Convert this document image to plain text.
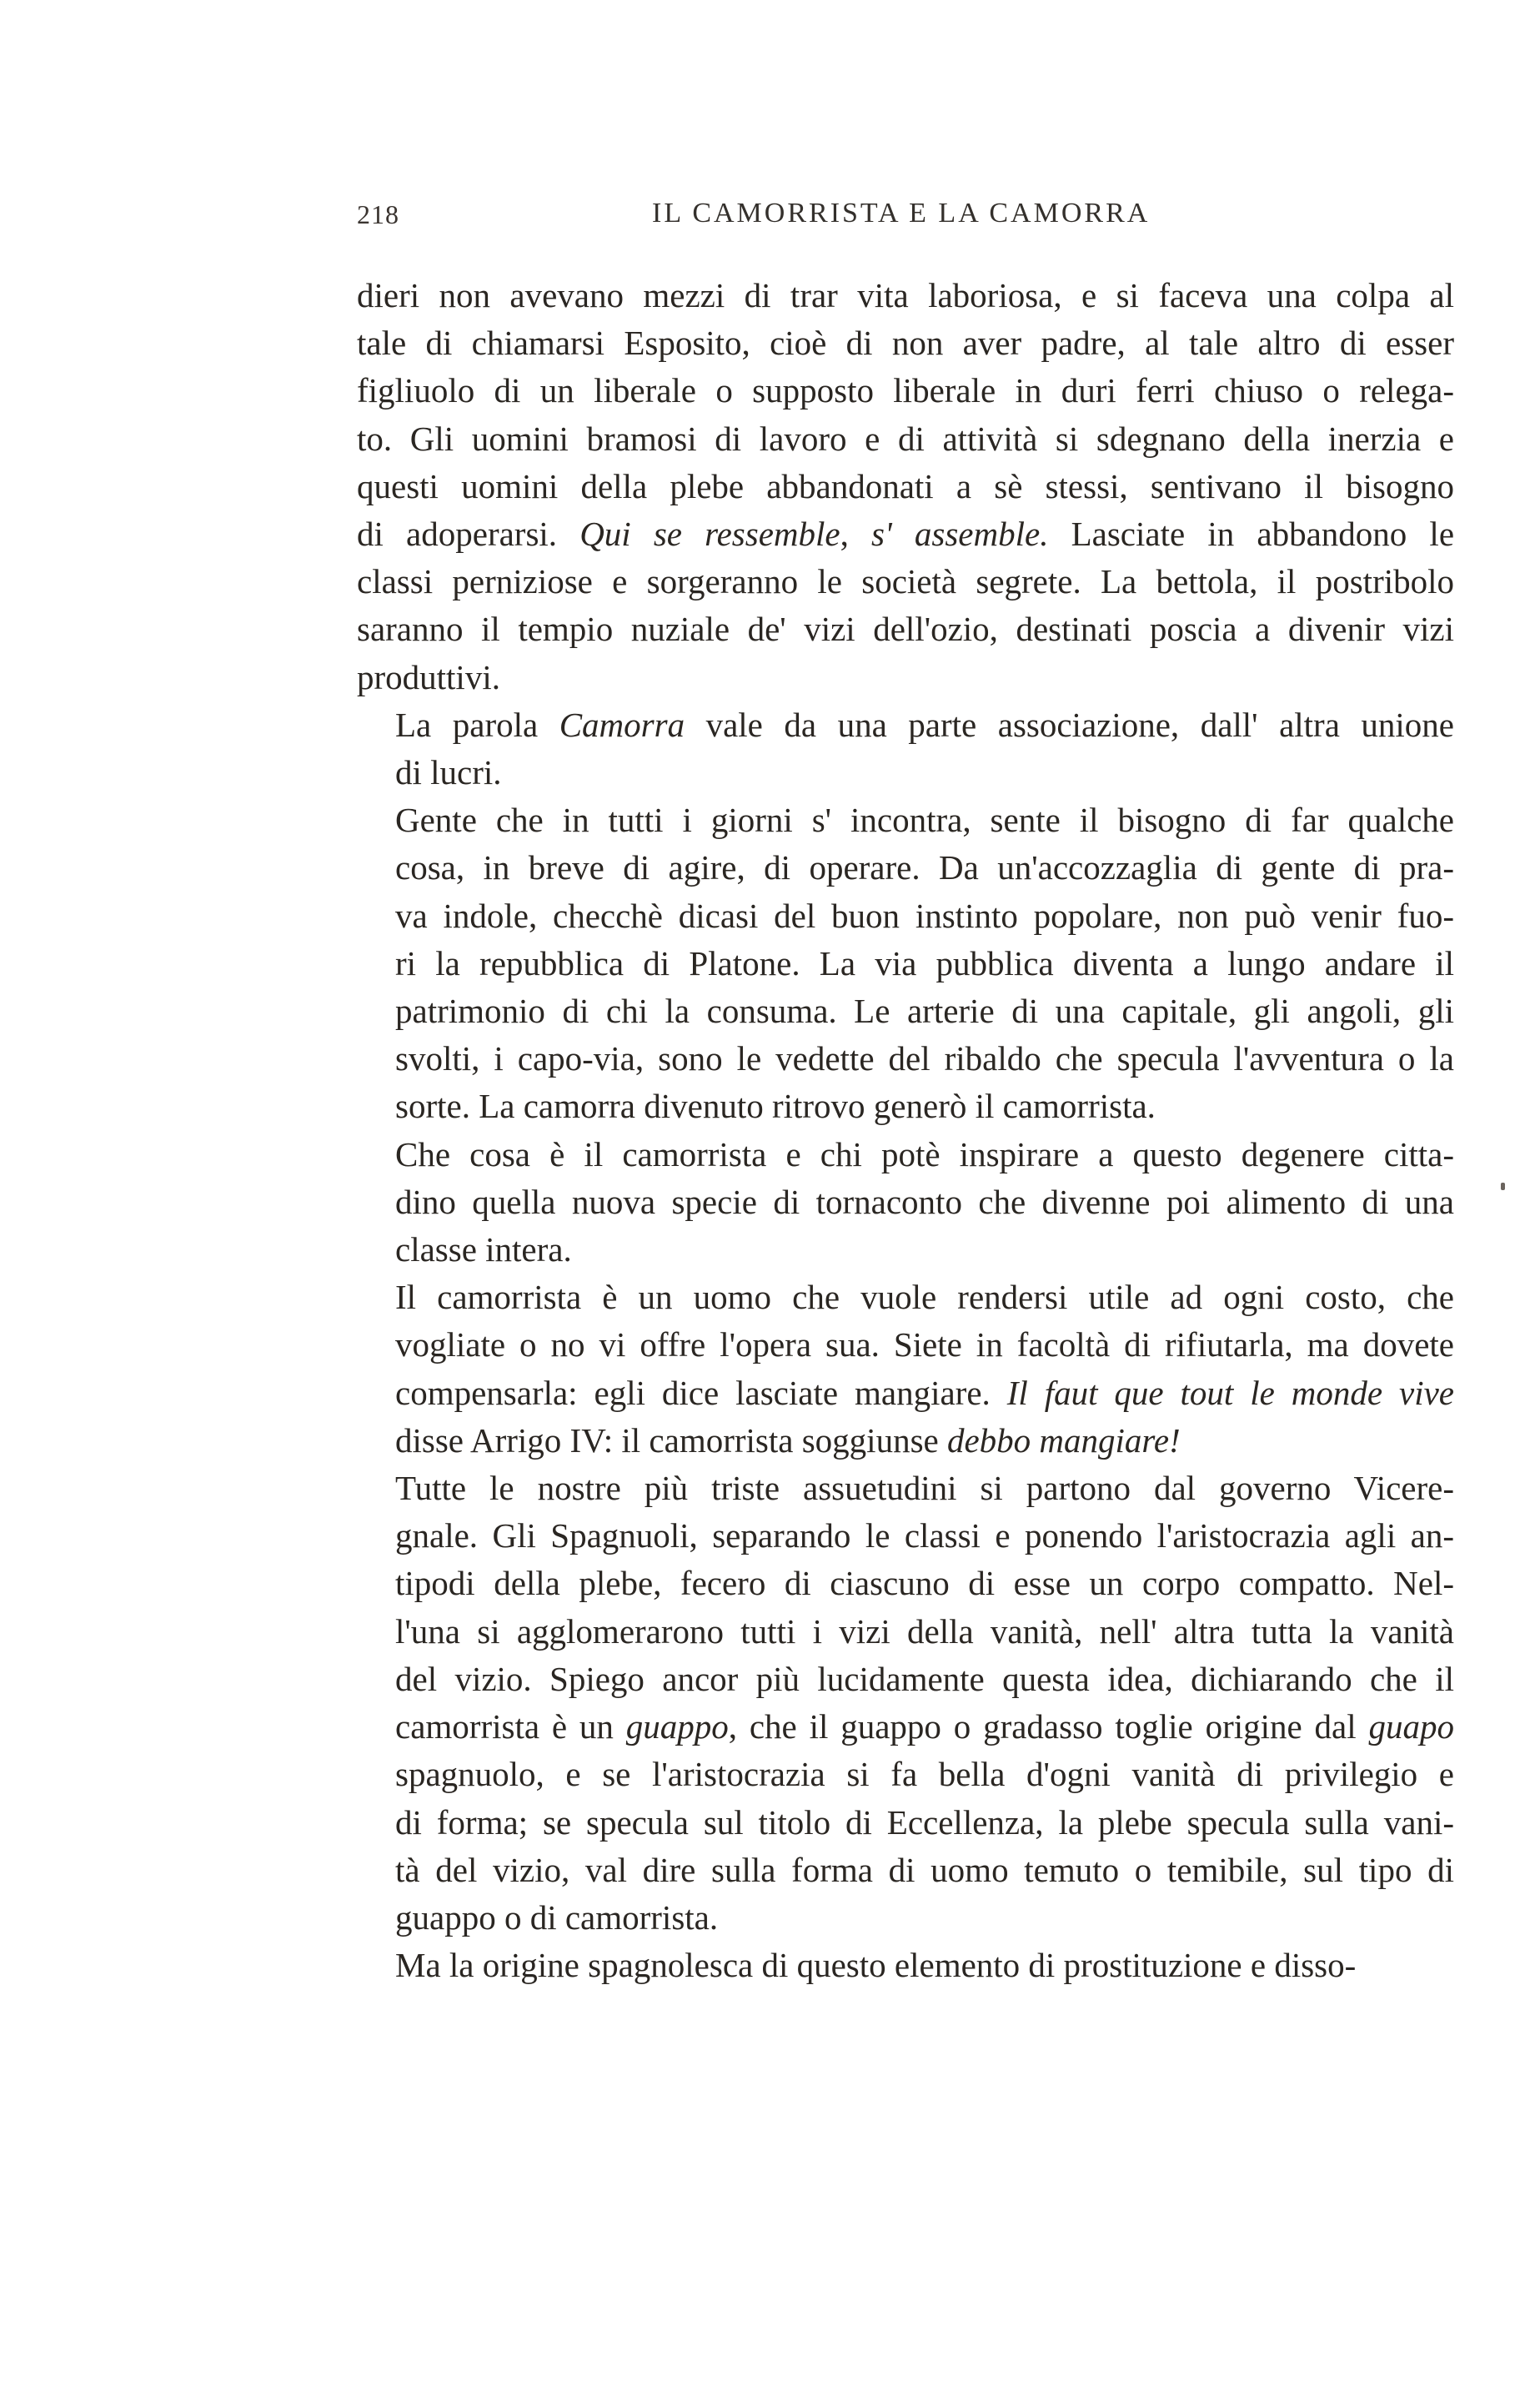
218	IL CAMORRISTA E LA CAMORRA

dieri non avevano mezzi di trar vita laboriosa, e si faceva una colpa al
tale di chiamarsi Esposito, cioè di non aver padre, al tale altro di esser
figliuolo di un liberale o supposto liberale in duri ferri chiuso o relega-
to. Gli uomini bramosi di lavoro e di attività si sdegnano della inerzia e
questi uomini della plebe abbandonati a sè stessi, sentivano il bisogno
di adoperarsi. Qui se ressemble, s' assemble. Lasciate in abbandono le
classi perniziose e sorgeranno le società segrete. La bettola, il postribolo
saranno il tempio nuziale de' vizi dell'ozio, destinati poscia a divenir vizi
produttivi.

La parola Camorra vale da una parte associazione, dall' altra unione
di lucri.

Gente che in tutti i giorni s' incontra, sente il bisogno di far qualche
cosa, in breve di agire, di operare. Da un'accozzaglia di gente di pra-
va indole, checchè dicasi del buon instinto popolare, non può venir fuo-
ri la repubblica di Platone. La via pubblica diventa a lungo andare il
patrimonio di chi la consuma. Le arterie di una capitale, gli angoli, gli
svolti, i capo-via, sono le vedette del ribaldo che specula l'avventura o la
sorte. La camorra divenuto ritrovo generò il camorrista.

Che cosa è il camorrista e chi potè inspirare a questo degenere citta-
dino quella nuova specie di tornaconto che divenne poi alimento di una
classe intera.

Il camorrista è un uomo che vuole rendersi utile ad ogni costo, che
vogliate o no vi offre l'opera sua. Siete in facoltà di rifiutarla, ma dovete
compensarla: egli dice lasciate mangiare. Il faut que tout le monde vive
disse Arrigo IV: il camorrista soggiunse debbo mangiare!

Tutte le nostre più triste assuetudini si partono dal governo Vicere-
gnale. Gli Spagnuoli, separando le classi e ponendo l'aristocrazia agli an-
tipodi della plebe, fecero di ciascuno di esse un corpo compatto. Nel-
l'una si agglomerarono tutti i vizi della vanità, nell' altra tutta la vanità
del vizio. Spiego ancor più lucidamente questa idea, dichiarando che il
camorrista è un guappo, che il guappo o gradasso toglie origine dal guapo
spagnuolo, e se l'aristocrazia si fa bella d'ogni vanità di privilegio e
di forma; se specula sul titolo di Eccellenza, la plebe specula sulla vani-
tà del vizio, val dire sulla forma di uomo temuto o temibile, sul tipo di
guappo o di camorrista.

Ma la origine spagnolesca di questo elemento di prostituzione e disso-
